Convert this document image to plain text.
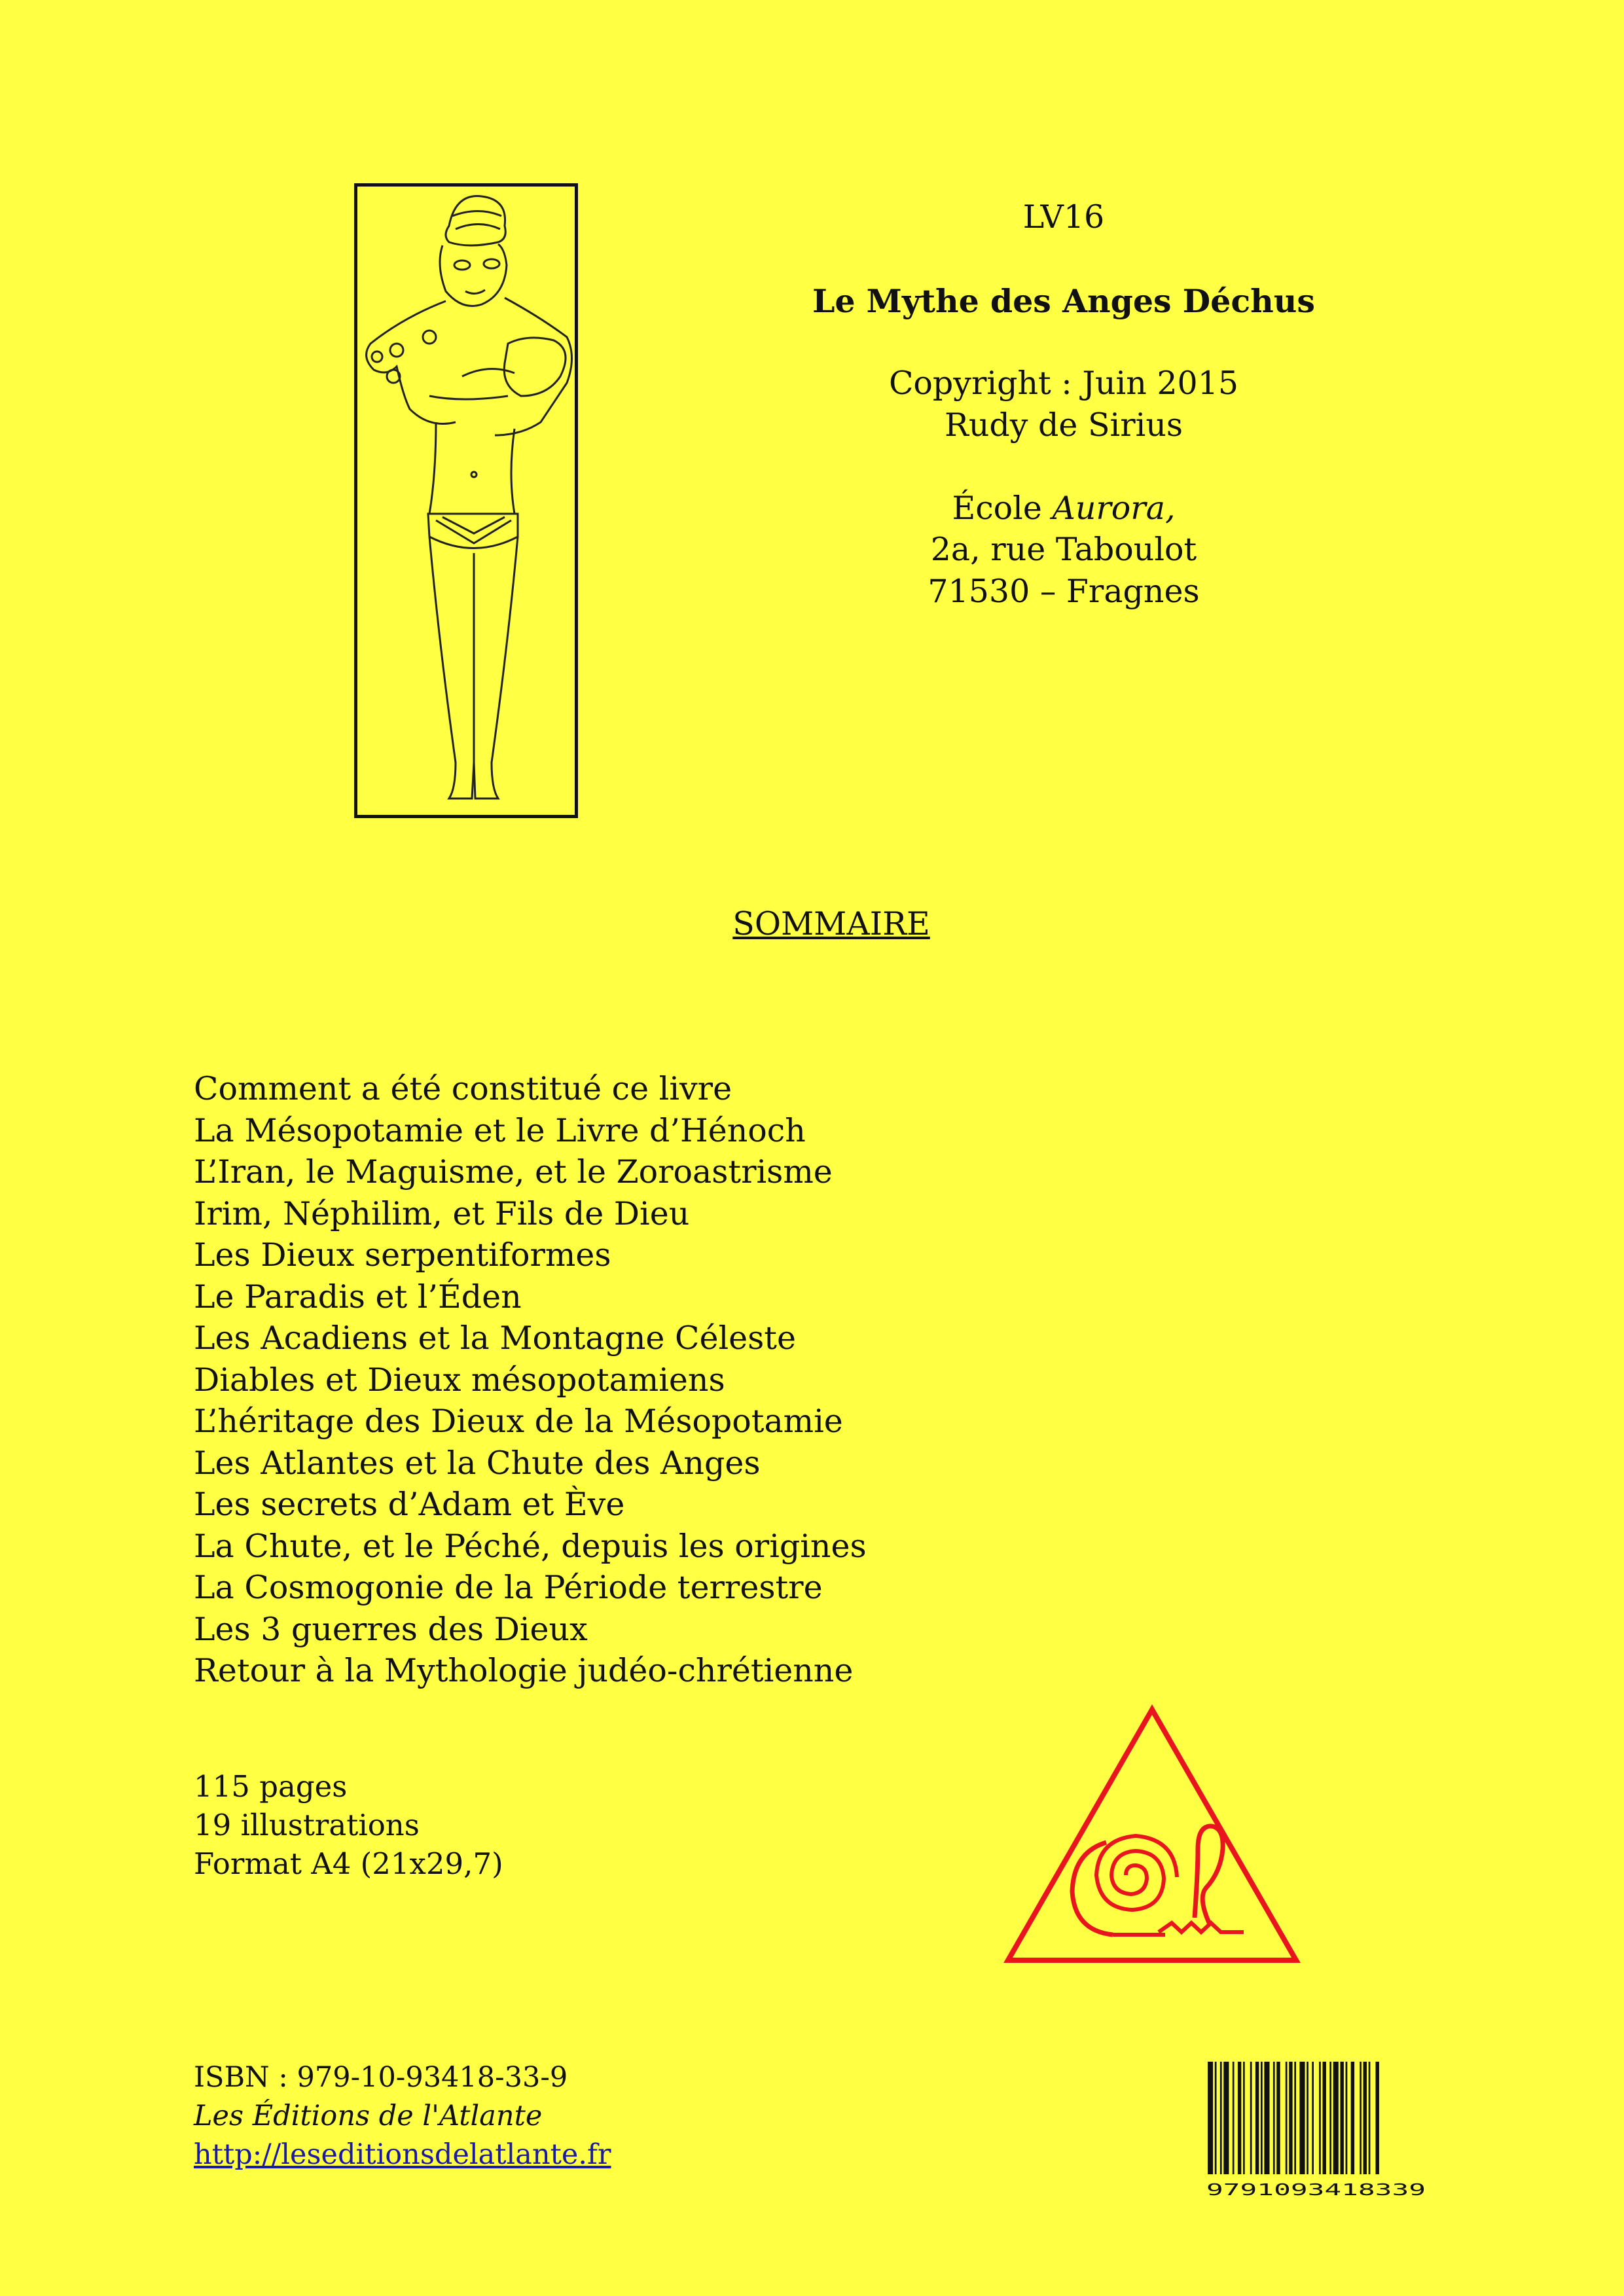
LV16
Le Mythe des Anges Déchus
Copyright : Juin 2015
Rudy de Sirius
École Aurora,
2a, rue Taboulot
71530 – Fragnes
SOMMAIRE
Comment a été constitué ce livre
La Mésopotamie et le Livre d’Hénoch
L’Iran, le Maguisme, et le Zoroastrisme
Irim, Néphilim, et Fils de Dieu
Les Dieux serpentiformes
Le Paradis et l’Éden
Les Acadiens et la Montagne Céleste
Diables et Dieux mésopotamiens
L’héritage des Dieux de la Mésopotamie
Les Atlantes et la Chute des Anges
Les secrets d’Adam et Ève
La Chute, et le Péché, depuis les origines
La Cosmogonie de la Période terrestre
Les 3 guerres des Dieux
Retour à la Mythologie judéo-chrétienne
115 pages
19 illustrations
Format A4 (21x29,7)
ISBN : 979-10-93418-33-9
Les Éditions de l'Atlante
http://leseditionsdelatlante.fr
9791093418339
